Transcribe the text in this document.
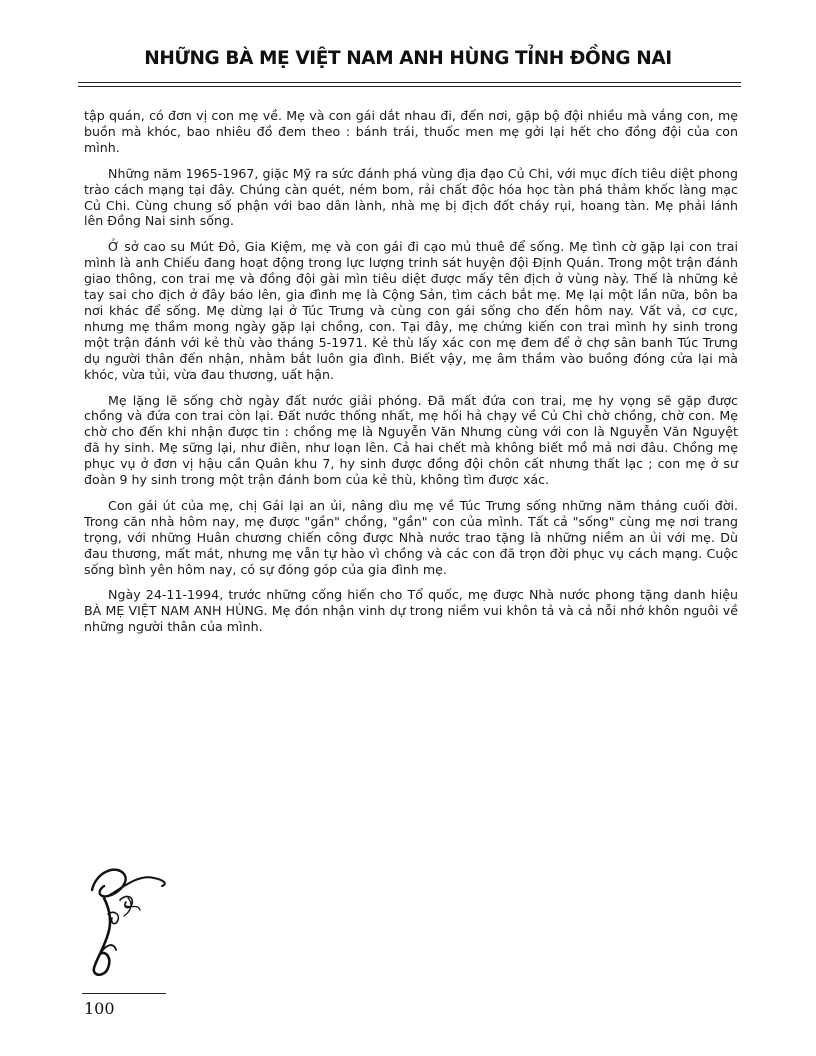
NHỮNG BÀ MẸ VIỆT NAM ANH HÙNG TỈNH ĐỒNG NAI

tập quán, có đơn vị con mẹ về. Mẹ và con gái dắt nhau đi, đến nơi, gặp bộ đội nhiều mà vắng con, mẹ buồn mà khóc, bao nhiêu đồ đem theo : bánh trái, thuốc men mẹ gởi lại hết cho đồng đội của con mình.

Những năm 1965-1967, giặc Mỹ ra sức đánh phá vùng địa đạo Củ Chi, với mục đích tiêu diệt phong trào cách mạng tại đây. Chúng càn quét, ném bom, rải chất độc hóa học tàn phá thảm khốc làng mạc Củ Chi. Cùng chung số phận với bao dân lành, nhà mẹ bị địch đốt cháy rụi, hoang tàn. Mẹ phải lánh lên Đồng Nai sinh sống.

Ở sở cao su Mút Đỏ, Gia Kiệm, mẹ và con gái đi cạo mủ thuê để sống. Mẹ tình cờ gặp lại con trai mình là anh Chiếu đang hoạt động trong lực lượng trinh sát huyện đội Định Quán. Trong một trận đánh giao thông, con trai mẹ và đồng đội gài mìn tiêu diệt được mấy tên địch ở vùng này. Thế là những kẻ tay sai cho địch ở đây báo lên, gia đình mẹ là Cộng Sản, tìm cách bắt mẹ. Mẹ lại một lần nữa, bôn ba nơi khác để sống. Mẹ dừng lại ở Túc Trưng và cùng con gái sống cho đến hôm nay. Vất vả, cơ cực, nhưng mẹ thầm mong ngày gặp lại chồng, con. Tại đây, mẹ chứng kiến con trai mình hy sinh trong một trận đánh với kẻ thù vào tháng 5-1971. Kẻ thù lấy xác con mẹ đem để ở chợ sân banh Túc Trưng dụ người thân đến nhận, nhằm bắt luôn gia đình. Biết vậy, mẹ âm thầm vào buồng đóng cửa lại mà khóc, vừa tủi, vừa đau thương, uất hận.

Mẹ lặng lẽ sống chờ ngày đất nước giải phóng. Đã mất đứa con trai, mẹ hy vọng sẽ gặp được chồng và đứa con trai còn lại. Đất nước thống nhất, mẹ hối hả chạy về Củ Chi chờ chồng, chờ con. Mẹ chờ cho đến khi nhận được tin : chồng mẹ là Nguyễn Văn Nhưng cùng với con là Nguyễn Văn Nguyệt đã hy sinh. Mẹ sững lại, như điên, như loạn lên. Cả hai chết mà không biết mồ mả nơi đâu. Chồng mẹ phục vụ ở đơn vị hậu cần Quân khu 7, hy sinh được đồng đội chôn cất nhưng thất lạc ; con mẹ ở sư đoàn 9 hy sinh trong một trận đánh bom của kẻ thù, không tìm được xác.

Con gái út của mẹ, chị Gái lại an ủi, nâng dìu mẹ về Túc Trưng sống những năm tháng cuối đời. Trong căn nhà hôm nay, mẹ được "gần" chồng, "gần" con của mình. Tất cả "sống" cùng mẹ nơi trang trọng, với những Huân chương chiến công được Nhà nước trao tặng là những niềm an ủi với mẹ. Dù đau thương, mất mát, nhưng mẹ vẫn tự hào vì chồng và các con đã trọn đời phục vụ cách mạng. Cuộc sống bình yên hôm nay, có sự đóng góp của gia đình mẹ.

Ngày 24-11-1994, trước những cống hiến cho Tổ quốc, mẹ được Nhà nước phong tặng danh hiệu BÀ MẸ VIỆT NAM ANH HÙNG. Mẹ đón nhận vinh dự trong niềm vui khôn tả và cả nỗi nhớ khôn nguôi về những người thân của mình.

100
